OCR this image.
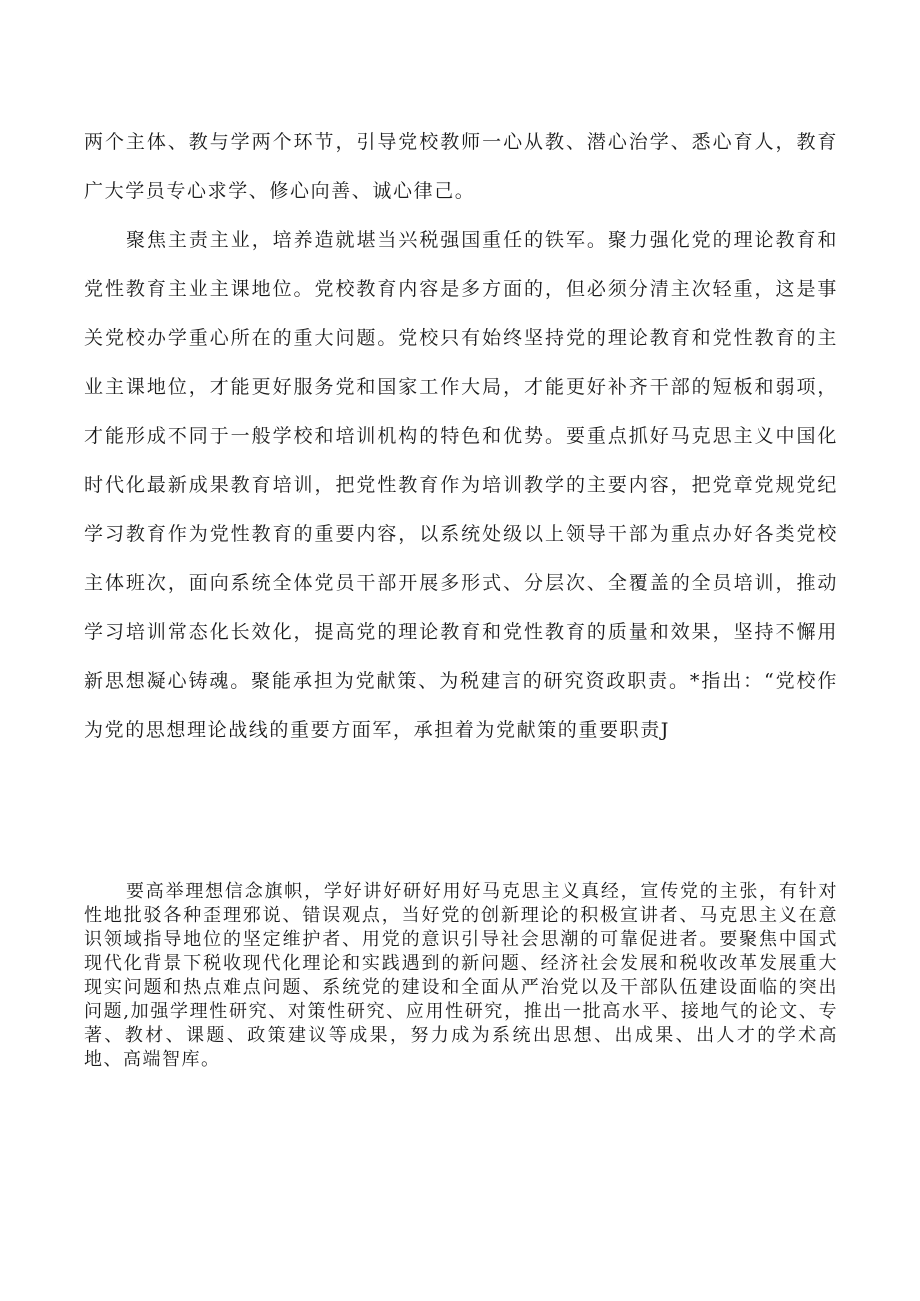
两个主体、教与学两个环节，引导党校教师一心从教、潜心治学、悉心育人，教育广大学员专心求学、修心向善、诚心律己。

聚焦主责主业，培养造就堪当兴税强国重任的铁军。聚力强化党的理论教育和党性教育主业主课地位。党校教育内容是多方面的，但必须分清主次轻重，这是事关党校办学重心所在的重大问题。党校只有始终坚持党的理论教育和党性教育的主业主课地位，才能更好服务党和国家工作大局，才能更好补齐干部的短板和弱项，才能形成不同于一般学校和培训机构的特色和优势。要重点抓好马克思主义中国化时代化最新成果教育培训，把党性教育作为培训教学的主要内容，把党章党规党纪学习教育作为党性教育的重要内容，以系统处级以上领导干部为重点办好各类党校主体班次，面向系统全体党员干部开展多形式、分层次、全覆盖的全员培训，推动学习培训常态化长效化，提高党的理论教育和党性教育的质量和效果，坚持不懈用新思想凝心铸魂。聚能承担为党献策、为税建言的研究资政职责。*指出：“党校作为党的思想理论战线的重要方面军，承担着为党献策的重要职责J

要高举理想信念旗帜，学好讲好研好用好马克思主义真经，宣传党的主张，有针对性地批驳各种歪理邪说、错误观点，当好党的创新理论的积极宣讲者、马克思主义在意识领域指导地位的坚定维护者、用党的意识引导社会思潮的可靠促进者。要聚焦中国式现代化背景下税收现代化理论和实践遇到的新问题、经济社会发展和税收改革发展重大现实问题和热点难点问题、系统党的建设和全面从严治党以及干部队伍建设面临的突出问题,加强学理性研究、对策性研究、应用性研究，推出一批高水平、接地气的论文、专著、教材、课题、政策建议等成果，努力成为系统出思想、出成果、出人才的学术高地、高端智库。
